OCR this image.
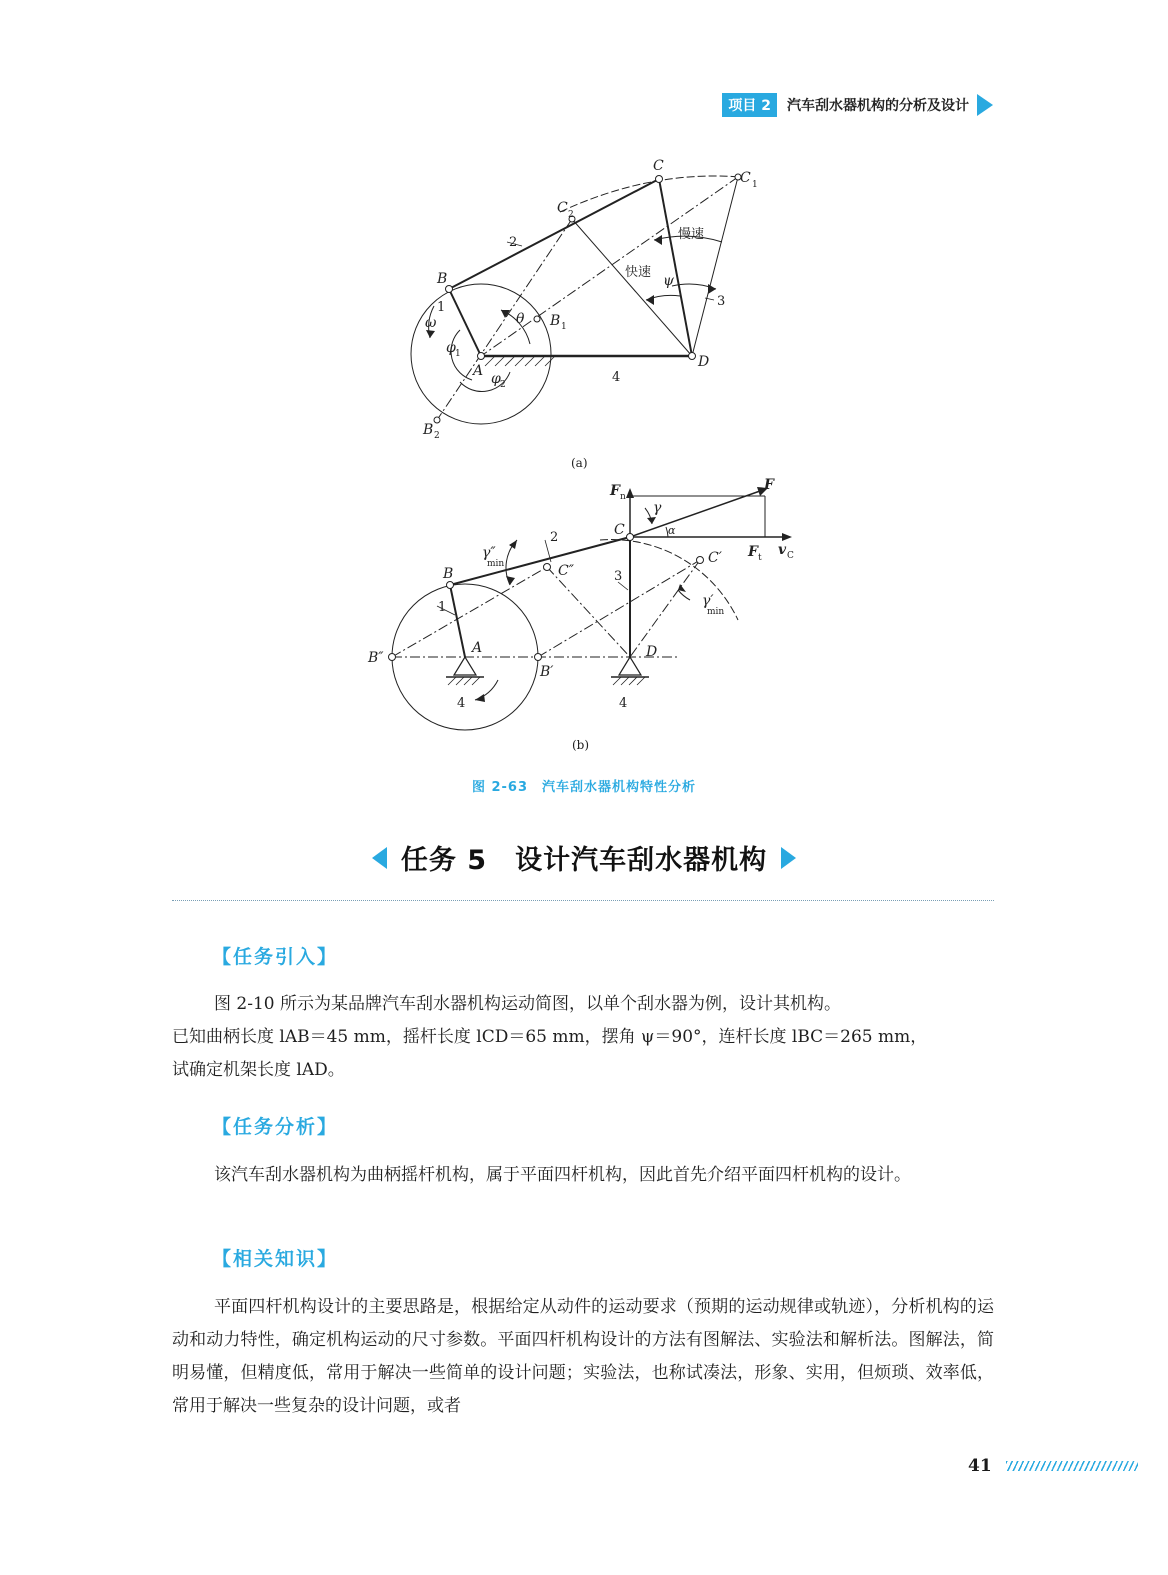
项目 2	汽车刮水器机构的分析及设计
B
C
C 1
C 2
B 1
B 2
A
D
ω
φ 1
φ 2
θ
ψ
1
2
3
4
慢速
快速
(a)
B
A
B″
B′
C
C″
C′
D
F
F n
F t v C
γ
α
γ″
min
γ′
min
1
2
3
4	4
(b)
图 2-63　汽车刮水器机构特性分析
任务 5　设计汽车刮水器机构
【任务引入】

图 2-10 所示为某品牌汽车刮水器机构运动简图，以单个刮水器为例，设计其机构。

已知曲柄长度 lAB＝45 mm，摇杆长度 lCD＝65 mm，摆角 ψ＝90°，连杆长度 lBC＝265 mm，

试确定机架长度 lAD。

【任务分析】

该汽车刮水器机构为曲柄摇杆机构，属于平面四杆机构，因此首先介绍平面四杆机构的设计。

【相关知识】

平面四杆机构设计的主要思路是，根据给定从动件的运动要求（预期的运动规律或轨迹），分析机构的运动和动力特性，确定机构运动的尺寸参数。平面四杆机构设计的方法有图解法、实验法和解析法。图解法，简明易懂，但精度低，常用于解决一些简单的设计问题；实验法，也称试凑法，形象、实用，但烦琐、效率低，常用于解决一些复杂的设计问题，或者

41
